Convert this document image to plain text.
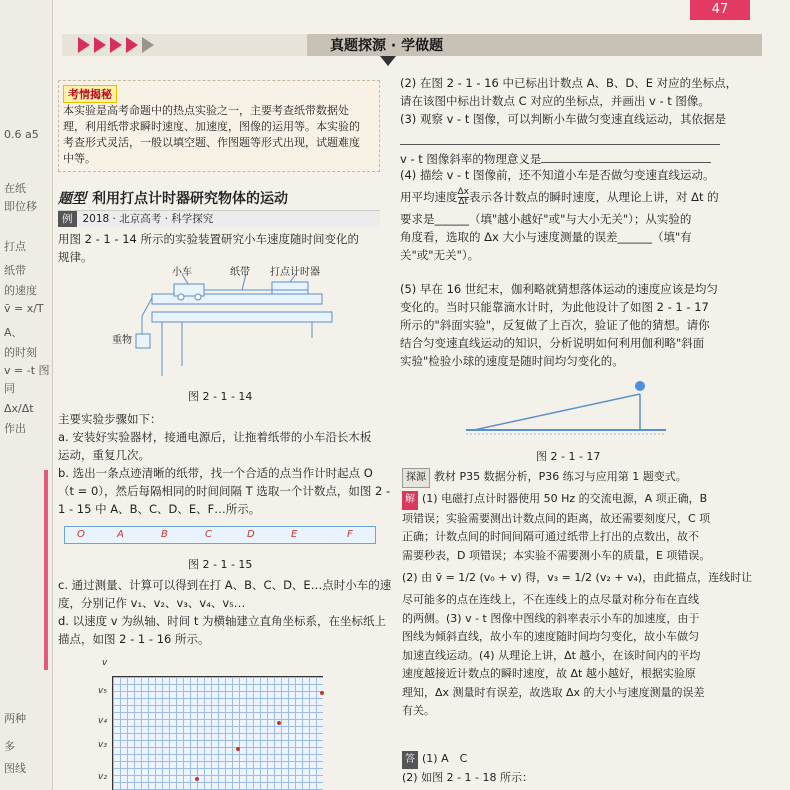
0.6 a5
在纸
即位移
打点
纸带
的速度
v̄ = x/T
A、
的时刻
v = -t 图
同
Δx/Δt
作出
两种
多
图线
47
真题探源 · 学做题
考情揭秘
本实验是高考命题中的热点实验之一，主要考查纸带数据处
理，利用纸带求瞬时速度、加速度，图像的运用等。本实验的
考查形式灵活，一般以填空题、作图题等形式出现，试题难度
中等。
题型 利用打点计时器研究物体的运动
例 2018 · 北京高考 · 科学探究
用图 2 - 1 - 14 所示的实验装置研究小车速度随时间变化的
规律。
小车	纸带 打点计时器
重物
图 2 - 1 - 14
主要实验步骤如下：
a. 安装好实验器材，接通电源后，让拖着纸带的小车沿长木板
运动，重复几次。
b. 选出一条点迹清晰的纸带，找一个合适的点当作计时起点 O
（t = 0），然后每隔相同的时间间隔 T 选取一个计数点，如图 2 -
1 - 15 中 A、B、C、D、E、F…所示。
O	A	B	C	D	E	F
图 2 - 1 - 15
c. 通过测量、计算可以得到在打 A、B、C、D、E…点时小车的速
度，分别记作 v₁、v₂、v₃、v₄、v₅…
d. 以速度 v 为纵轴、时间 t 为横轴建立直角坐标系，在坐标纸上
描点，如图 2 - 1 - 16 所示。
v
v₅
v₄
v₃
v₂
(2) 在图 2 - 1 - 16 中已标出计数点 A、B、D、E 对应的坐标点，
请在该图中标出计数点 C 对应的坐标点，并画出 v - t 图像。
(3) 观察 v - t 图像，可以判断小车做匀变速直线运动，其依据是
v - t 图像斜率的物理意义是
(4) 描绘 v - t 图像前，还不知道小车是否做匀变速直线运动。
用平均速度 $\frac{\Delta x}{\Delta t}$ 表示各计数点的瞬时速度，从理论上讲，对 Δt 的
要求是______（填"越小越好"或"与大小无关"）；从实验的
角度看，选取的 Δx 大小与速度测量的误差______（填"有
关"或"无关"）。
(5) 早在 16 世纪末，伽利略就猜想落体运动的速度应该是均匀
变化的。当时只能靠滴水计时，为此他设计了如图 2 - 1 - 17
所示的"斜面实验"，反复做了上百次，验证了他的猜想。请你
结合匀变速直线运动的知识，分析说明如何利用伽利略"斜面
实验"检验小球的速度是随时间均匀变化的。
图 2 - 1 - 17
探源 教材 P35 数据分析，P36 练习与应用第 1 题变式。
解 (1) 电磁打点计时器使用 50 Hz 的交流电源，A 项正确，B
项错误；实验需要测出计数点间的距离，故还需要刻度尺，C 项
正确；计数点间的时间间隔可通过纸带上打出的点数出，故不
需要秒表，D 项错误；本实验不需要测小车的质量，E 项错误。
(2) 由 v̄ = 1/2 (v₀ + v) 得，v₃ = 1/2 (v₂ + v₄)，由此描点，连线时让
尽可能多的点在连线上，不在连线上的点尽量对称分布在直线
的两侧。(3) v - t 图像中图线的斜率表示小车的加速度，由于
图线为倾斜直线，故小车的速度随时间均匀变化，故小车做匀
加速直线运动。(4) 从理论上讲，Δt 越小，在该时间内的平均
速度越接近计数点的瞬时速度，故 Δt 越小越好，根据实验原
理知，Δx 测量时有误差，故选取 Δx 的大小与速度测量的误差
有关。
答 (1) A　C
(2) 如图 2 - 1 - 18 所示：
